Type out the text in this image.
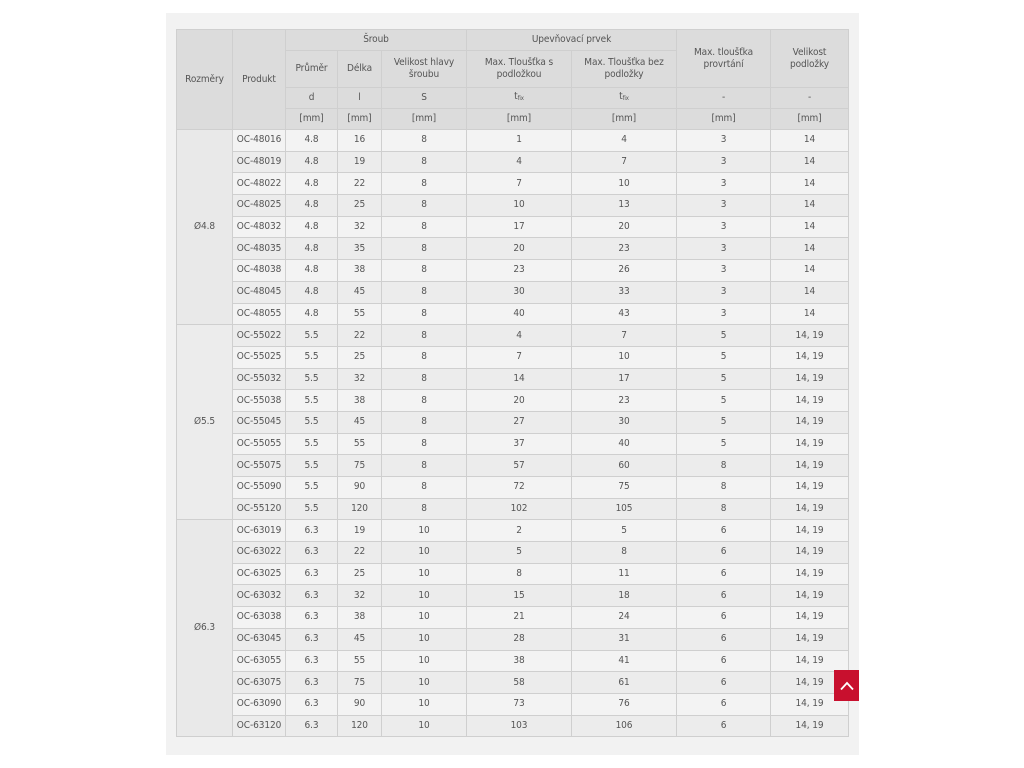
Rozměry	Produkt	Šroub			Upevňovací prvek		Max. tloušťka provrtání	Velikost podložky
		Průměr	Délka	Velikost hlavy šroubu	Max. Tloušťka s podložkou	Max. Tloušťka bez podložky		
		d	l	S	$t_{fix}$	$t_{fix}$	-	-
		[mm]	[mm]	[mm]	[mm]	[mm]	[mm]	[mm]
Ø4.8	OC-48016	4.8	16	8	1	4	3	14
	OC-48019	4.8	19	8	4	7	3	14
	OC-48022	4.8	22	8	7	10	3	14
	OC-48025	4.8	25	8	10	13	3	14
	OC-48032	4.8	32	8	17	20	3	14
	OC-48035	4.8	35	8	20	23	3	14
	OC-48038	4.8	38	8	23	26	3	14
	OC-48045	4.8	45	8	30	33	3	14
	OC-48055	4.8	55	8	40	43	3	14
Ø5.5	OC-55022	5.5	22	8	4	7	5	14, 19
	OC-55025	5.5	25	8	7	10	5	14, 19
	OC-55032	5.5	32	8	14	17	5	14, 19
	OC-55038	5.5	38	8	20	23	5	14, 19
	OC-55045	5.5	45	8	27	30	5	14, 19
	OC-55055	5.5	55	8	37	40	5	14, 19
	OC-55075	5.5	75	8	57	60	8	14, 19
	OC-55090	5.5	90	8	72	75	8	14, 19
	OC-55120	5.5	120	8	102	105	8	14, 19
Ø6.3	OC-63019	6.3	19	10	2	5	6	14, 19
	OC-63022	6.3	22	10	5	8	6	14, 19
	OC-63025	6.3	25	10	8	11	6	14, 19
	OC-63032	6.3	32	10	15	18	6	14, 19
	OC-63038	6.3	38	10	21	24	6	14, 19
	OC-63045	6.3	45	10	28	31	6	14, 19
	OC-63055	6.3	55	10	38	41	6	14, 19
	OC-63075	6.3	75	10	58	61	6	14, 19
	OC-63090	6.3	90	10	73	76	6	14, 19
	OC-63120	6.3	120	10	103	106	6	14, 19
